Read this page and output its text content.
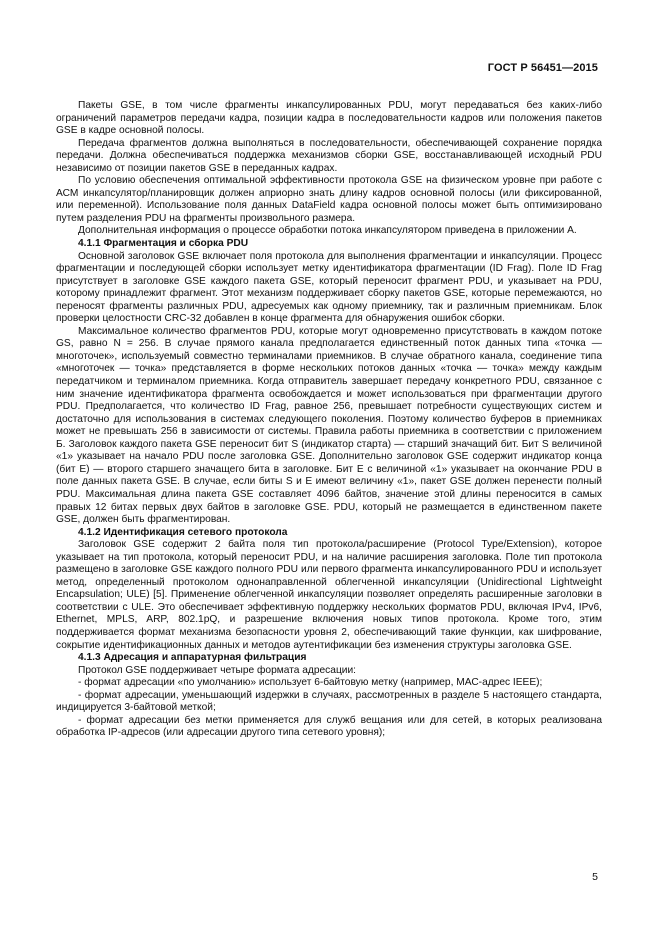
ГОСТ Р 56451—2015

Пакеты GSE, в том числе фрагменты инкапсулированных PDU, могут передаваться без каких-либо ограничений параметров передачи кадра, позиции кадра в последовательности кадров или положения пакетов GSE в кадре основной полосы.

Передача фрагментов должна выполняться в последовательности, обеспечивающей сохранение порядка передачи. Должна обеспечиваться поддержка механизмов сборки GSE, восстанавливающей исходный PDU независимо от позиции пакетов GSE в переданных кадрах.

По условию обеспечения оптимальной эффективности протокола GSE на физическом уровне при работе с АСМ инкапсулятор/планировщик должен априорно знать длину кадров основной полосы (или фиксированной, или переменной). Использование поля данных DataField кадра основной полосы может быть оптимизировано путем разделения PDU на фрагменты произвольного размера.

Дополнительная информация о процессе обработки потока инкапсулятором приведена в приложении А.

4.1.1 Фрагментация и сборка PDU

Основной заголовок GSE включает поля протокола для выполнения фрагментации и инкапсуляции. Процесс фрагментации и последующей сборки использует метку идентификатора фрагментации (ID Frag). Поле ID Frag присутствует в заголовке GSE каждого пакета GSE, который переносит фрагмент PDU, и указывает на PDU, которому принадлежит фрагмент. Этот механизм поддерживает сборку пакетов GSE, которые перемежаются, но переносят фрагменты различных PDU, адресуемых как одному приемнику, так и различным приемникам. Блок проверки целостности CRC-32 добавлен в конце фрагмента для обнаружения ошибок сборки.

Максимальное количество фрагментов PDU, которые могут одновременно присутствовать в каждом потоке GS, равно N = 256. В случае прямого канала предполагается единственный поток данных типа «точка — многоточек», используемый совместно терминалами приемников. В случае обратного канала, соединение типа «многоточек — точка» представляется в форме нескольких потоков данных «точка — точка» между каждым передатчиком и терминалом приемника. Когда отправитель завершает передачу конкретного PDU, связанное с ним значение идентификатора фрагмента освобождается и может использоваться при фрагментации другого PDU. Предполагается, что количество ID Frag, равное 256, превышает потребности существующих систем и достаточно для использования в системах следующего поколения. Поэтому количество буферов в приемниках может не превышать 256 в зависимости от системы. Правила работы приемника в соответствии с приложением Б. Заголовок каждого пакета GSE переносит бит S (индикатор старта) — старший значащий бит. Бит S величиной «1» указывает на начало PDU после заголовка GSE. Дополнительно заголовок GSE содержит индикатор конца (бит E) — второго старшего значащего бита в заголовке. Бит E с величиной «1» указывает на окончание PDU в поле данных пакета GSE. В случае, если биты S и E имеют величину «1», пакет GSE должен перенести полный PDU. Максимальная длина пакета GSE составляет 4096 байтов, значение этой длины переносится в самых правых 12 битах первых двух байтов в заголовке GSE. PDU, который не размещается в единственном пакете GSE, должен быть фрагментирован.

4.1.2 Идентификация сетевого протокола

Заголовок GSE содержит 2 байта поля тип протокола/расширение (Protocol Type/Extension), которое указывает на тип протокола, который переносит PDU, и на наличие расширения заголовка. Поле тип протокола размещено в заголовке GSE каждого полного PDU или первого фрагмента инкапсулированного PDU и использует метод, определенный протоколом однонаправленной облегченной инкапсуляции (Unidirectional Lightweight Encapsulation; ULE) [5]. Применение облегченной инкапсуляции позволяет определять расширенные заголовки в соответствии с ULE. Это обеспечивает эффективную поддержку нескольких форматов PDU, включая IPv4, IPv6, Ethernet, MPLS, ARP, 802.1pQ, и разрешение включения новых типов протокола. Кроме того, этим поддерживается формат механизма безопасности уровня 2, обеспечивающий такие функции, как шифрование, сокрытие идентификационных данных и методов аутентификации без изменения структуры заголовка GSE.

4.1.3 Адресация и аппаратурная фильтрация

Протокол GSE поддерживает четыре формата адресации:

- формат адресации «по умолчанию» использует 6-байтовую метку (например, МАС-адрес IEEE);

- формат адресации, уменьшающий издержки в случаях, рассмотренных в разделе 5 настоящего стандарта, индицируется 3-байтовой меткой;

- формат адресации без метки применяется для служб вещания или для сетей, в которых реализована обработка IP-адресов (или адресации другого типа сетевого уровня);

5
